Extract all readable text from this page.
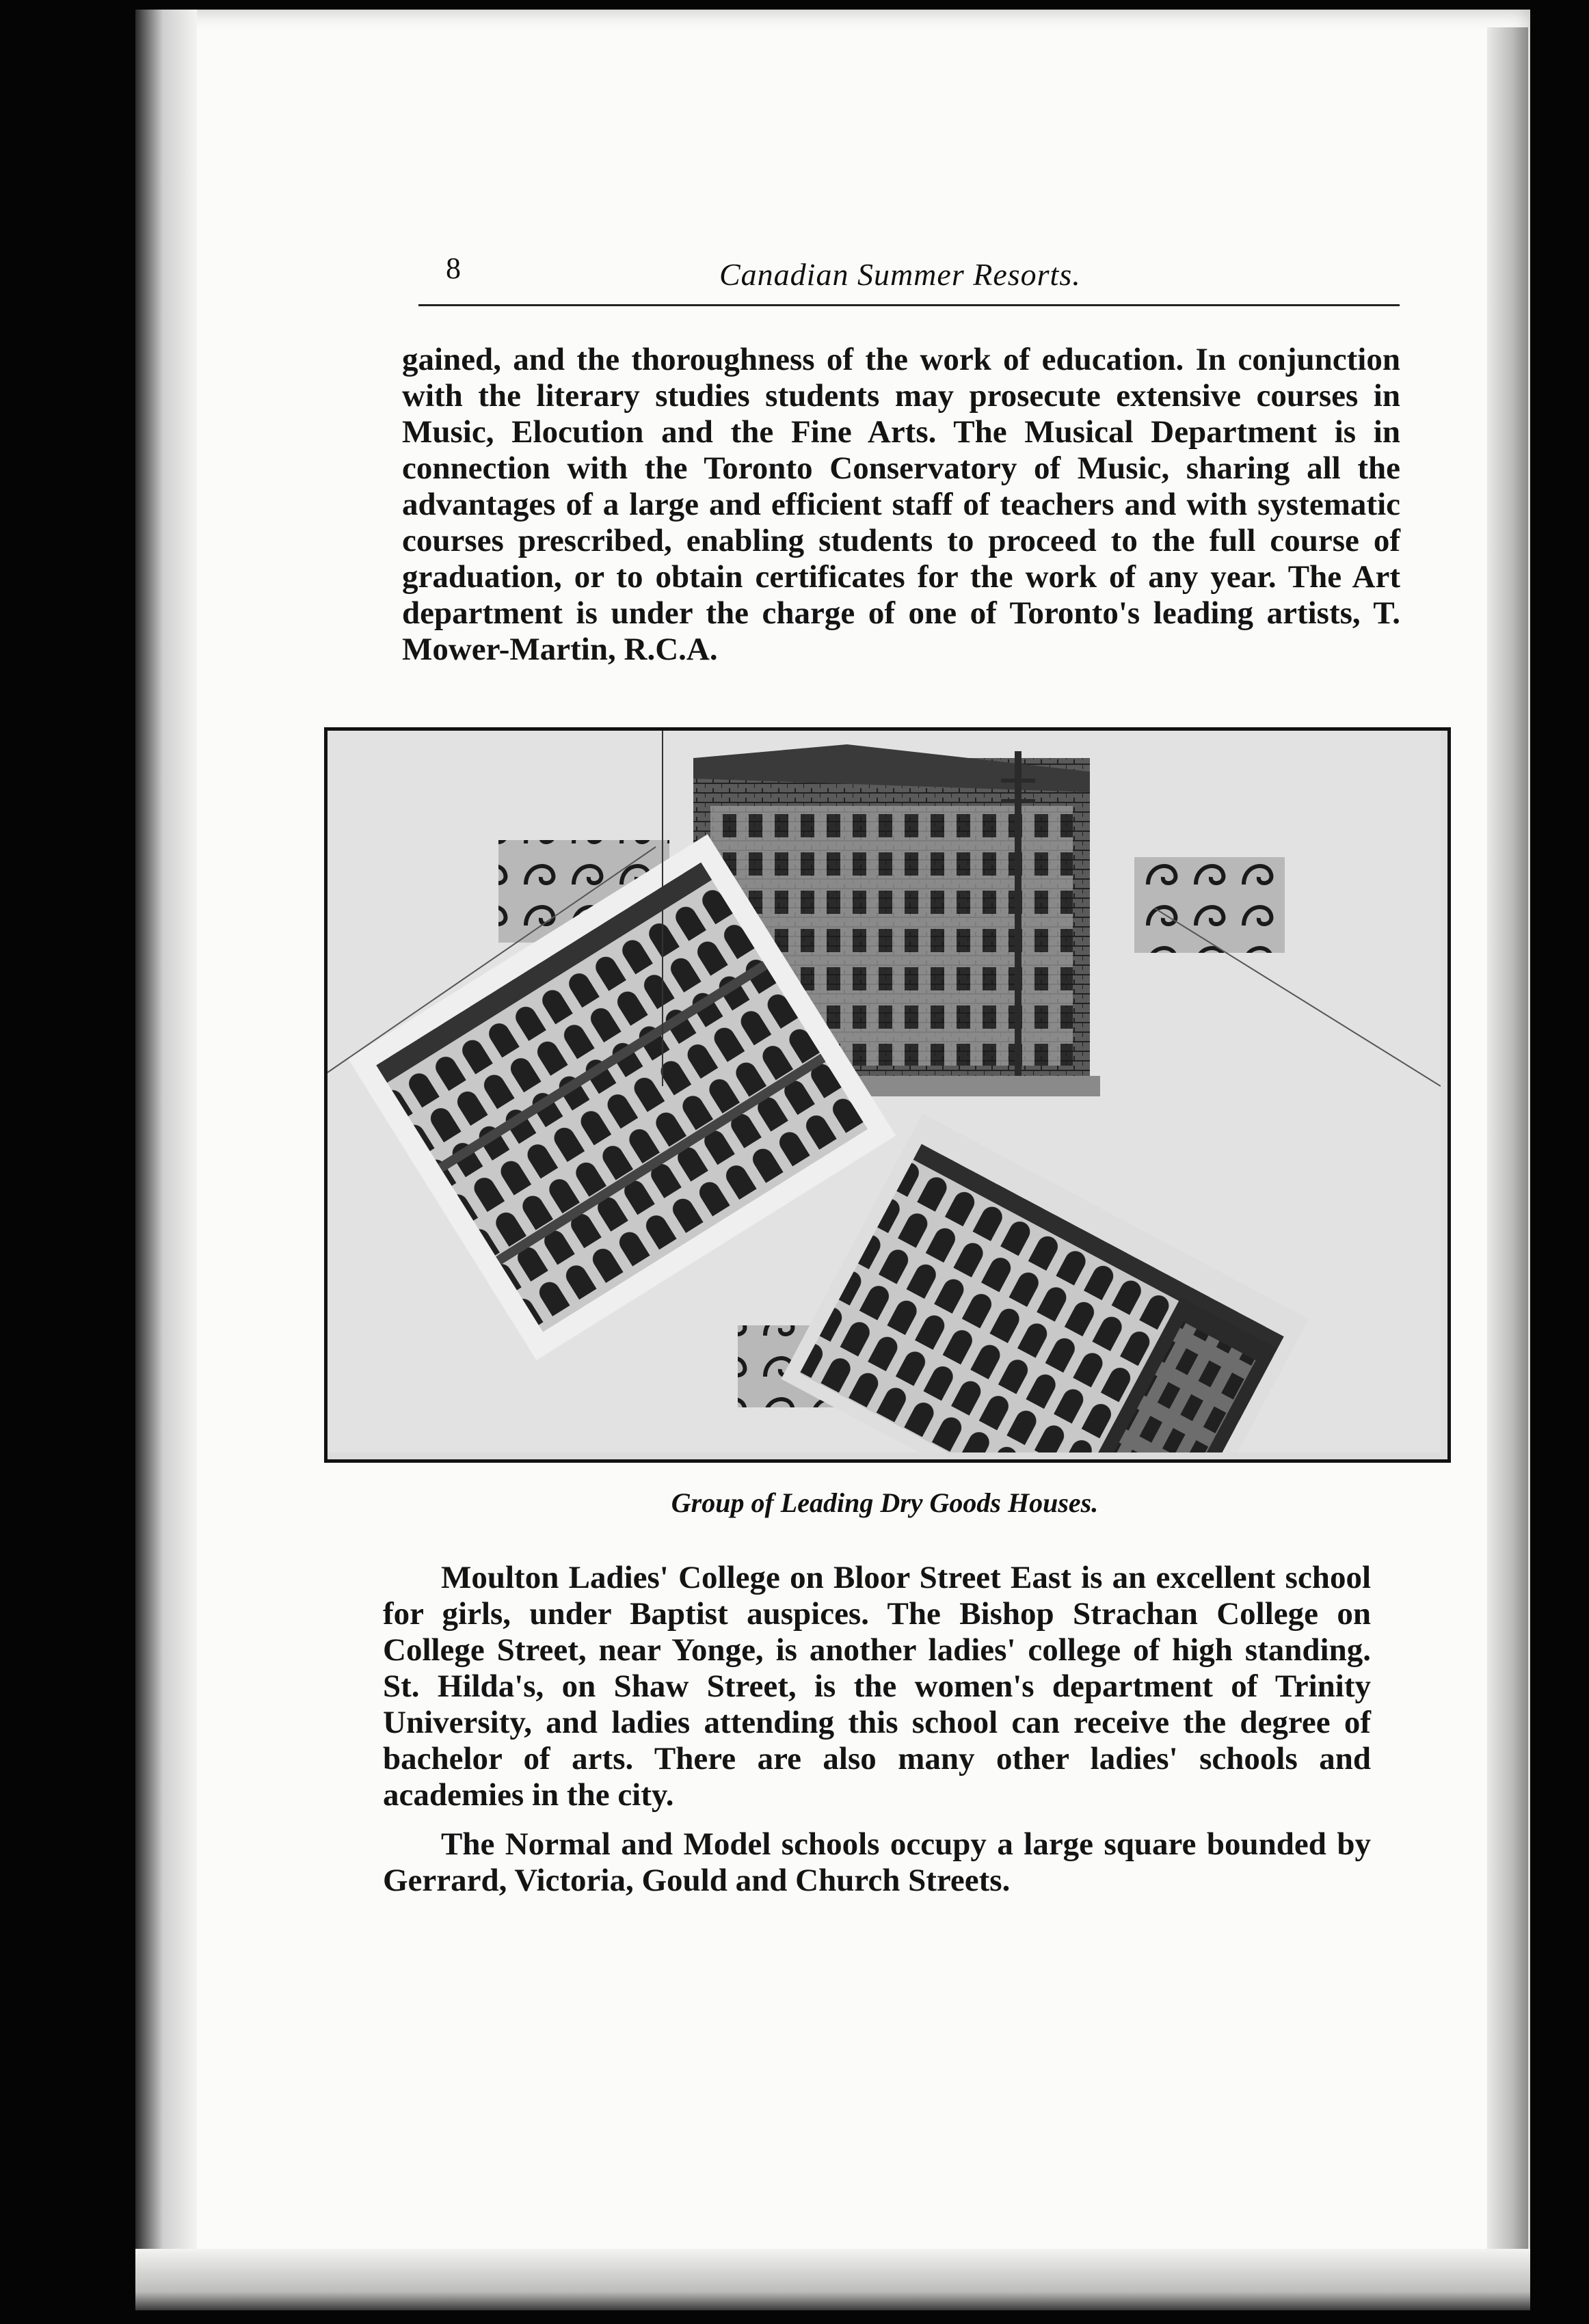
8	Canadian Summer Resorts.
gained, and the thoroughness of the work of education. In conjunction with the literary studies students may prosecute extensive courses in Music, Elocution and the Fine Arts. The Musical Department is in connection with the Toronto Conservatory of Music, sharing all the advantages of a large and efficient staff of teachers and with systematic courses prescribed, enabling students to proceed to the full course of graduation, or to obtain certificates for the work of any year. The Art department is under the charge of one of Toronto's leading artists, T. Mower-Martin, R.C.A.
Group of Leading Dry Goods Houses.
Moulton Ladies' College on Bloor Street East is an excellent school for girls, under Baptist auspices. The Bishop Strachan College on College Street, near Yonge, is another ladies' college of high standing. St. Hilda's, on Shaw Street, is the women's department of Trinity University, and ladies attending this school can receive the degree of bachelor of arts. There are also many other ladies' schools and academies in the city.
The Normal and Model schools occupy a large square bounded by Gerrard, Victoria, Gould and Church Streets.
